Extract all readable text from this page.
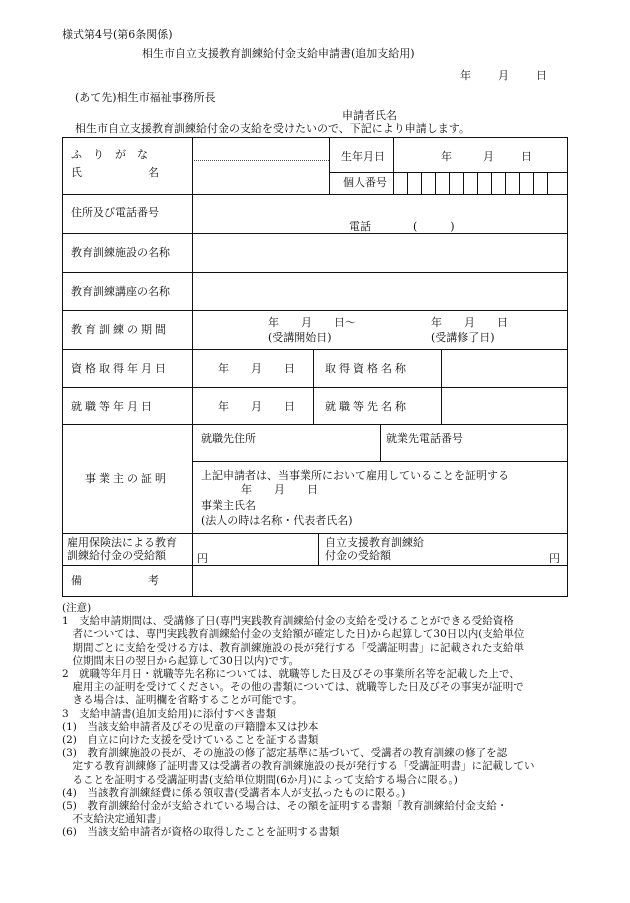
様式第4号(第6条関係)
相生市自立支援教育訓練給付金支給申請書(追加支給用)
年 月 日
(あて先)相生市福祉事務所長
申請者氏名
相生市自立支援教育訓練給付金の支給を受けたいので、下記により申請します。
ふ　り　が　な
氏　　　　　　名
生年月日	年	月 日
個人番号
住所及び電話番号
電話	(　　　)
教育訓練施設の名称
教育訓練講座の名称
教育訓練の期間
年　　月　　日～
(受講開始日)
年　　月　　日
(受講修了日)
資格取得年月日	年　　月　　日	取得資格名称
就職等年月日	年　　月　　日	就職等先名称
事業主の証明
就職先住所	就業先電話番号
上記申請者は、当事業所において雇用していることを証明する
年　　月　　日
事業主氏名
(法人の時は名称・代表者氏名)
雇用保険法による教育
訓練給付金の受給額	円
自立支援教育訓練給
付金の受給額	円
備　　　　　　考
(注意)
1　支給申請期間は、受講修了日(専門実践教育訓練給付金の支給を受けることができる受給資格
　者については、専門実践教育訓練給付金の支給額が確定した日)から起算して30日以内(支給単位
　期間ごとに支給を受ける方は、教育訓練施設の長が発行する「受講証明書」に記載された支給単
　位期間末日の翌日から起算して30日以内)です。
2　就職等年月日・就職等先名称については、就職等した日及びその事業所名等を記載した上で、
　雇用主の証明を受けてください。その他の書類については、就職等した日及びその事実が証明で
　きる場合は、証明欄を省略することが可能です。
3　支給申請書(追加支給用)に添付すべき書類
(1)　当該支給申請者及びその児童の戸籍謄本又は抄本
(2)　自立に向けた支援を受けていることを証する書類
(3)　教育訓練施設の長が、その施設の修了認定基準に基づいて、受講者の教育訓練の修了を認
　定する教育訓練修了証明書又は受講者の教育訓練施設の長が発行する「受講証明書」に記載してい
　ることを証明する受講証明書(支給単位期間(6か月)によって支給する場合に限る。)
(4)　当該教育訓練経費に係る領収書(受講者本人が支払ったものに限る。)
(5)　教育訓練給付金が支給されている場合は、その額を証明する書類「教育訓練給付金支給・
　不支給決定通知書」
(6)　当該支給申請者が資格の取得したことを証明する書類
